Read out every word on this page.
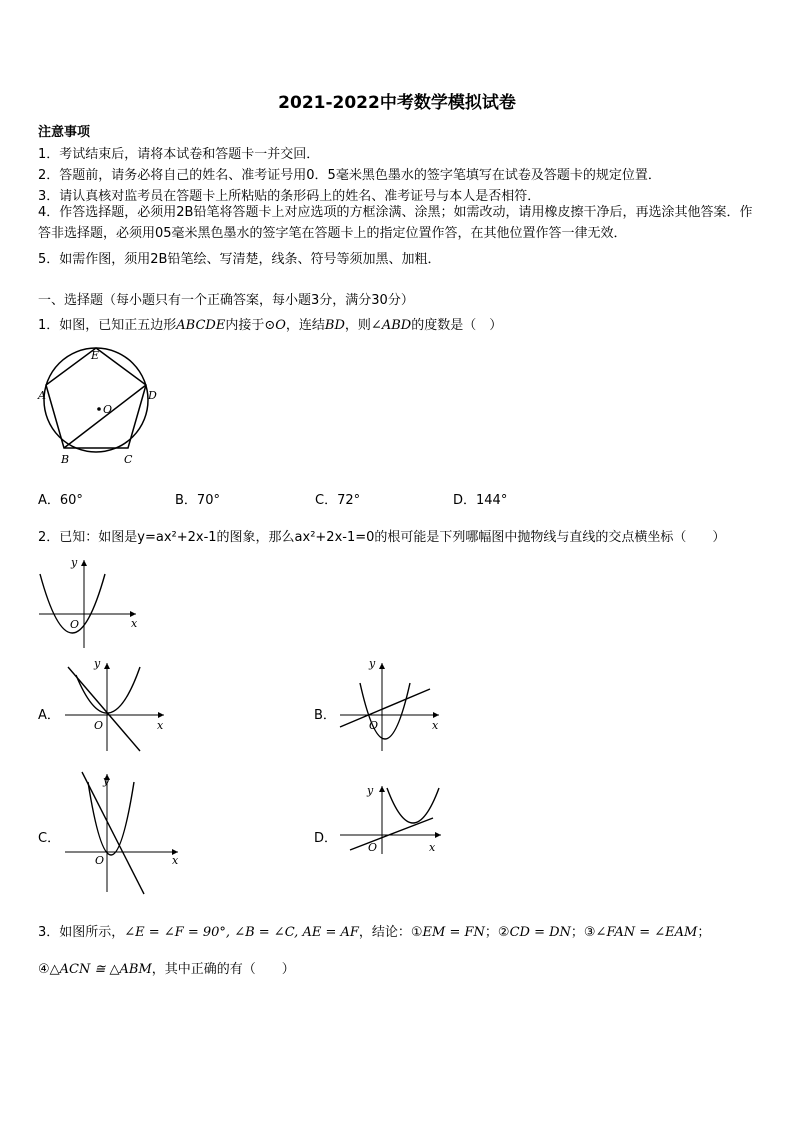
2021-2022中考数学模拟试卷
注意事项
1．考试结束后，请将本试卷和答题卡一并交回．
2．答题前，请务必将自己的姓名、准考证号用0．5毫米黑色墨水的签字笔填写在试卷及答题卡的规定位置．
3．请认真核对监考员在答题卡上所粘贴的条形码上的姓名、准考证号与本人是否相符．
4．作答选择题，必须用2B铅笔将答题卡上对应选项的方框涂满、涂黑；如需改动，请用橡皮擦干净后，再选涂其他答案．作答非选择题，必须用05毫米黑色墨水的签字笔在答题卡上的指定位置作答，在其他位置作答一律无效．
5．如需作图，须用2B铅笔绘、写清楚，线条、符号等须加黑、加粗．
一、选择题（每小题只有一个正确答案，每小题3分，满分30分）
1．如图，已知正五边形ABCDE内接于⊙O，连结BD，则∠ABD的度数是（　）
E
A	D
B	C
O
A．60°	B．70°	C．72°	D．144°
2．已知：如图是y=ax²+2x-1的图象，那么ax²+2x-1=0的根可能是下列哪幅图中抛物线与直线的交点横坐标（　　）
y
x
O
A．
y
x
O
B．
y
x
O
C．
y
x
O
D．
y
x
O
3．如图所示，∠E = ∠F = 90°, ∠B = ∠C, AE = AF，结论：①EM = FN；②CD = DN；③∠FAN = ∠EAM；
④△ACN ≅ △ABM，其中正确的有（　　）
